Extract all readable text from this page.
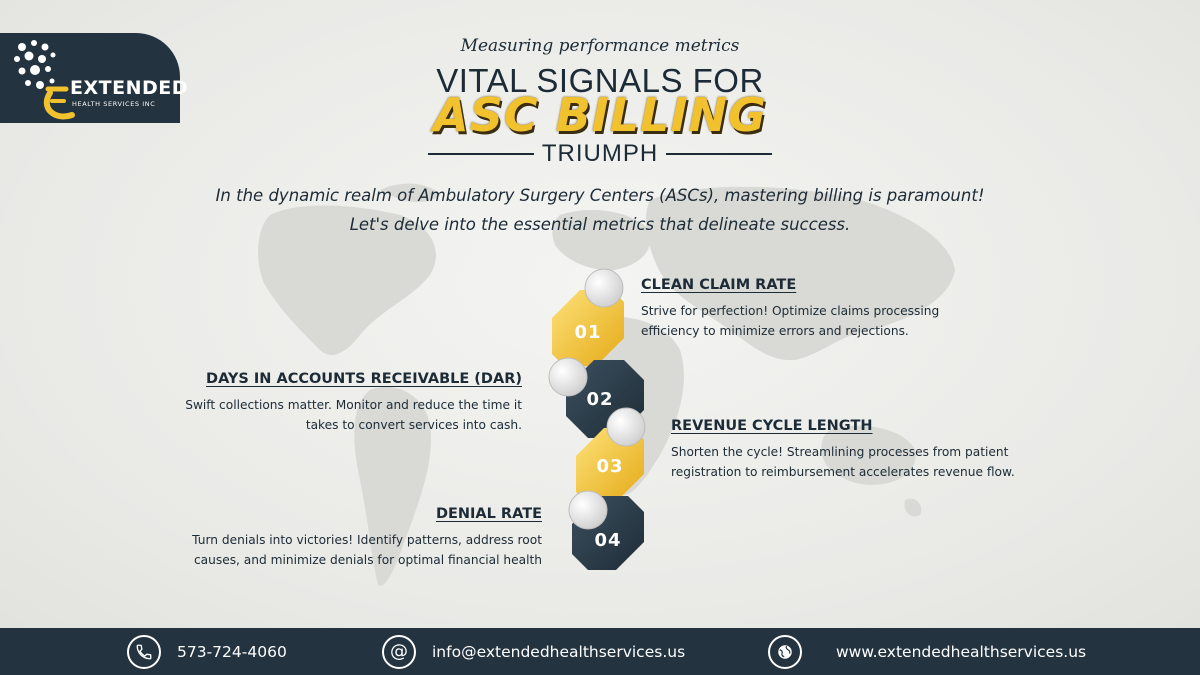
EXTENDED
HEALTH SERVICES INC
Measuring performance metrics
VITAL SIGNALS FOR
ASC BILLING
TRIUMPH
In the dynamic realm of Ambulatory Surgery Centers (ASCs), mastering billing is paramount! Let's delve into the essential metrics that delineate success.
CLEAN CLAIM RATE

Strive for perfection! Optimize claims processing efficiency to minimize errors and rejections.

DAYS IN ACCOUNTS RECEIVABLE (DAR)

Swift collections matter. Monitor and reduce the time it takes to convert services into cash.	REVENUE CYCLE LENGTH

Shorten the cycle! Streamlining processes from patient registration to reimbursement accelerates revenue flow.

DENIAL RATE

Turn denials into victories! Identify patterns, address root causes, and minimize denials for optimal financial health

01
02
03
04
573-724-4060	@ info@extendedhealthservices.us	www.extendedhealthservices.us
